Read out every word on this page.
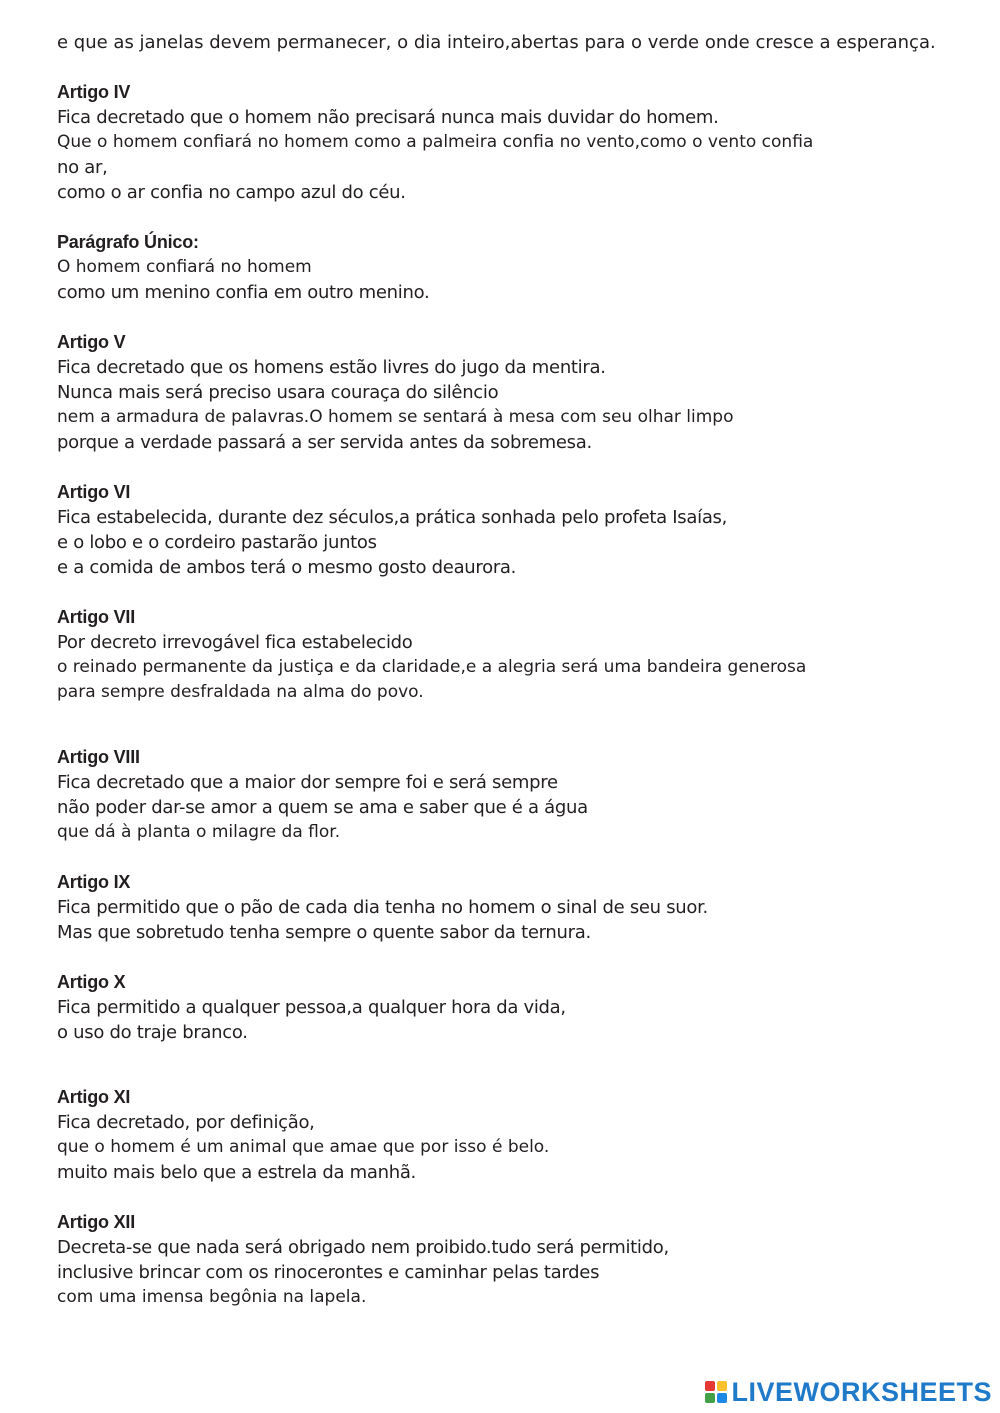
e que as janelas devem permanecer, o dia inteiro,abertas para o verde onde cresce a esperança.
Artigo IV
Fica decretado que o homem não precisará nunca mais duvidar do homem.
Que o homem confiará no homem como a palmeira confia no vento,como o vento confia
no ar,
como o ar confia no campo azul do céu.
Parágrafo Único:
O homem confiará no homem
como um menino confia em outro menino.
Artigo V
Fica decretado que os homens estão livres do jugo da mentira.
Nunca mais será preciso usara couraça do silêncio
nem a armadura de palavras.O homem se sentará à mesa com seu olhar limpo
porque a verdade passará a ser servida antes da sobremesa.
Artigo VI
Fica estabelecida, durante dez séculos,a prática sonhada pelo profeta Isaías,
e o lobo e o cordeiro pastarão juntos
e a comida de ambos terá o mesmo gosto deaurora.
Artigo VII
Por decreto irrevogável fica estabelecido
o reinado permanente da justiça e da claridade,e a alegria será uma bandeira generosa
para sempre desfraldada na alma do povo.
Artigo VIII
Fica decretado que a maior dor sempre foi e será sempre
não poder dar-se amor a quem se ama e saber que é a água
que dá à planta o milagre da flor.
Artigo IX
Fica permitido que o pão de cada dia tenha no homem o sinal de seu suor.
Mas que sobretudo tenha sempre o quente sabor da ternura.
Artigo X
Fica permitido a qualquer pessoa,a qualquer hora da vida,
o uso do traje branco.
Artigo XI
Fica decretado, por definição,
que o homem é um animal que amae que por isso é belo.
muito mais belo que a estrela da manhã.
Artigo XII
Decreta-se que nada será obrigado nem proibido.tudo será permitido,
inclusive brincar com os rinocerontes e caminhar pelas tardes
com uma imensa begônia na lapela.
LIVEWORKSHEETS
